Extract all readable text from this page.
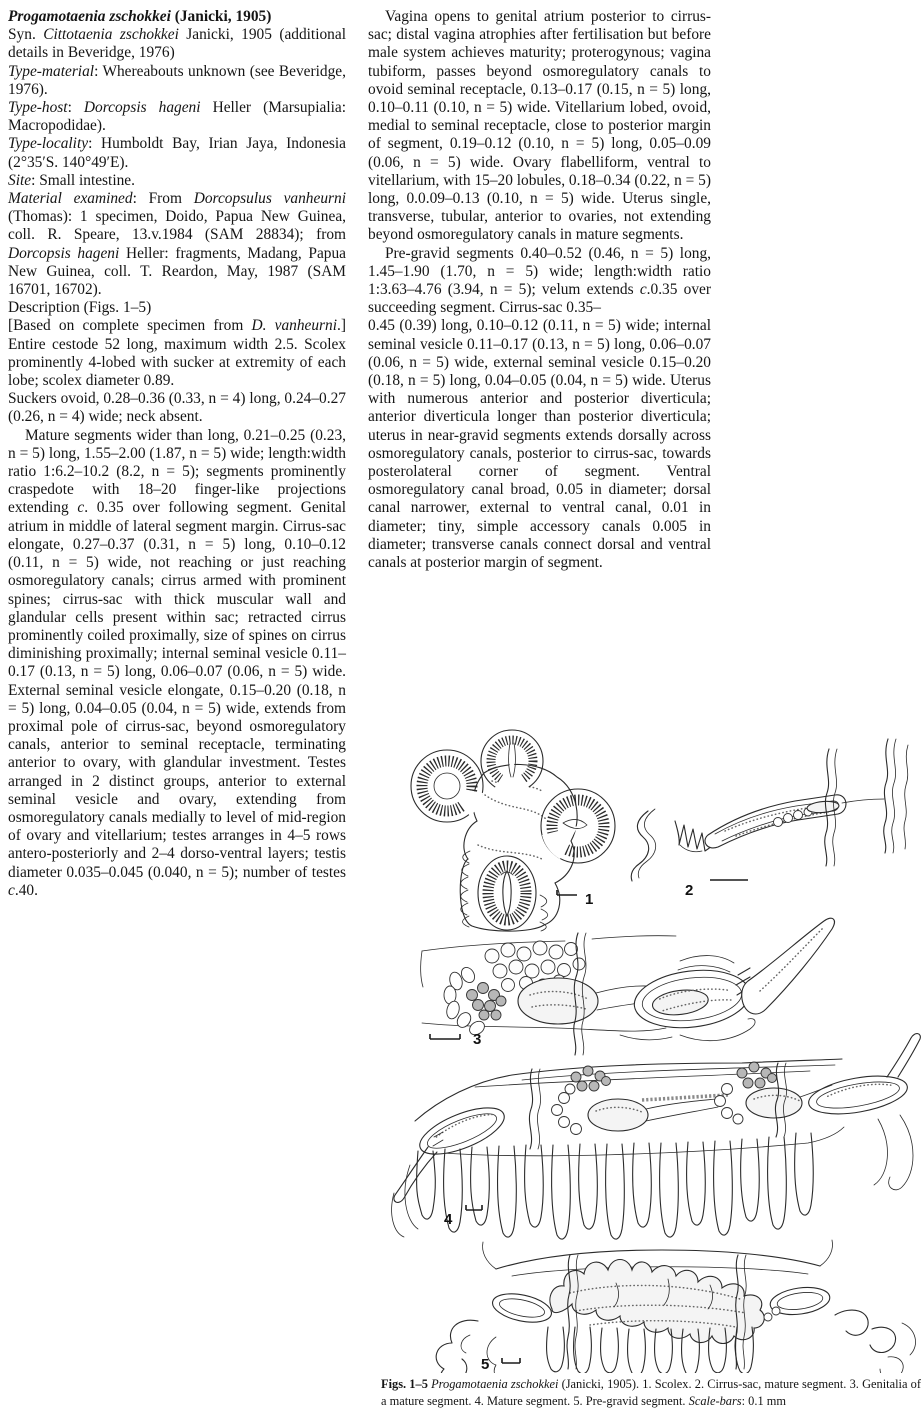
Progamotaenia zschokkei (Janicki, 1905)

Syn. Cittotaenia zschokkei Janicki, 1905 (additional details in Beveridge, 1976)

Type-material: Whereabouts unknown (see Beveridge, 1976).

Type-host: Dorcopsis hageni Heller (Marsupialia: Macropodidae).

Type-locality: Humboldt Bay, Irian Jaya, Indonesia (2°35′S. 140°49′E).

Site: Small intestine.

Material examined: From Dorcopsulus vanheurni (Thomas): 1 specimen, Doido, Papua New Guinea, coll. R. Speare, 13.v.1984 (SAM 28834); from Dorcopsis hageni Heller: fragments, Madang, Papua New Guinea, coll. T. Reardon, May, 1987 (SAM 16701, 16702).

Description (Figs. 1–5)

[Based on complete specimen from D. vanheurni.] Entire cestode 52 long, maximum width 2.5. Scolex prominently 4-lobed with sucker at extremity of each lobe; scolex diameter 0.89.

Suckers ovoid, 0.28–0.36 (0.33, n = 4) long, 0.24–0.27 (0.26, n = 4) wide; neck absent.

Mature segments wider than long, 0.21–0.25 (0.23, n = 5) long, 1.55–2.00 (1.87, n = 5) wide; length:width ratio 1:6.2–10.2 (8.2, n = 5); segments prominently craspedote with 18–20 finger-like projections extending c. 0.35 over following segment. Genital atrium in middle of lateral segment margin. Cirrus-sac elongate, 0.27–0.37 (0.31, n = 5) long, 0.10–0.12 (0.11, n = 5) wide, not reaching or just reaching osmoregulatory canals; cirrus armed with prominent spines; cirrus-sac with thick muscular wall and glandular cells present within sac; retracted cirrus prominently coiled proximally, size of spines on cirrus diminishing proximally; internal seminal vesicle 0.11–0.17 (0.13, n = 5) long, 0.06–0.07 (0.06, n = 5) wide. External seminal vesicle elongate, 0.15–0.20 (0.18, n = 5) long, 0.04–0.05 (0.04, n = 5) wide, extends from proximal pole of cirrus-sac, beyond osmoregulatory canals, anterior to seminal receptacle, terminating anterior to ovary, with glandular investment. Testes arranged in 2 distinct groups, anterior to external seminal vesicle and ovary, extending from osmoregulatory canals medially to level of mid-region of ovary and vitellarium; testes arranges in 4–5 rows antero-posteriorly and 2–4 dorso-ventral layers; testis diameter 0.035–0.045 (0.040, n = 5); number of testes c.40.

Vagina opens to genital atrium posterior to cirrus-sac; distal vagina atrophies after fertilisation but before male system achieves maturity; proterogynous; vagina tubiform, passes beyond osmoregulatory canals to ovoid seminal receptacle, 0.13–0.17 (0.15, n = 5) long, 0.10–0.11 (0.10, n = 5) wide. Vitellarium lobed, ovoid, medial to seminal receptacle, close to posterior margin of segment, 0.19–0.12 (0.10, n = 5) long, 0.05–0.09 (0.06, n = 5) wide. Ovary flabelliform, ventral to vitellarium, with 15–20 lobules, 0.18–0.34 (0.22, n = 5) long, 0.0.09–0.13 (0.10, n = 5) wide. Uterus single, transverse, tubular, anterior to ovaries, not extending beyond osmoregulatory canals in mature segments.

Pre-gravid segments 0.40–0.52 (0.46, n = 5) long, 1.45–1.90 (1.70, n = 5) wide; length:width ratio 1:3.63–4.76 (3.94, n = 5); velum extends c.0.35 over succeeding segment. Cirrus-sac 0.35–

0.45 (0.39) long, 0.10–0.12 (0.11, n = 5) wide; internal seminal vesicle 0.11–0.17 (0.13, n = 5) long, 0.06–0.07 (0.06, n = 5) wide, external seminal vesicle 0.15–0.20 (0.18, n = 5) long, 0.04–0.05 (0.04, n = 5) wide. Uterus with numerous anterior and posterior diverticula; anterior diverticula longer than posterior diverticula; uterus in near-gravid segments extends dorsally across osmoregulatory canals, posterior to cirrus-sac, towards posterolateral corner of segment. Ventral osmoregulatory canal broad, 0.05 in diameter; dorsal canal narrower, external to ventral canal, 0.01 in diameter; tiny, simple accessory canals 0.005 in diameter; transverse canals connect dorsal and ventral canals at posterior margin of segment.

1
2
3
4
5
Figs. 1–5 Progamotaenia zschokkei (Janicki, 1905). 1. Scolex. 2. Cirrus-sac, mature segment. 3. Genitalia of a mature segment. 4. Mature segment. 5. Pre-gravid segment. Scale-bars: 0.1 mm
